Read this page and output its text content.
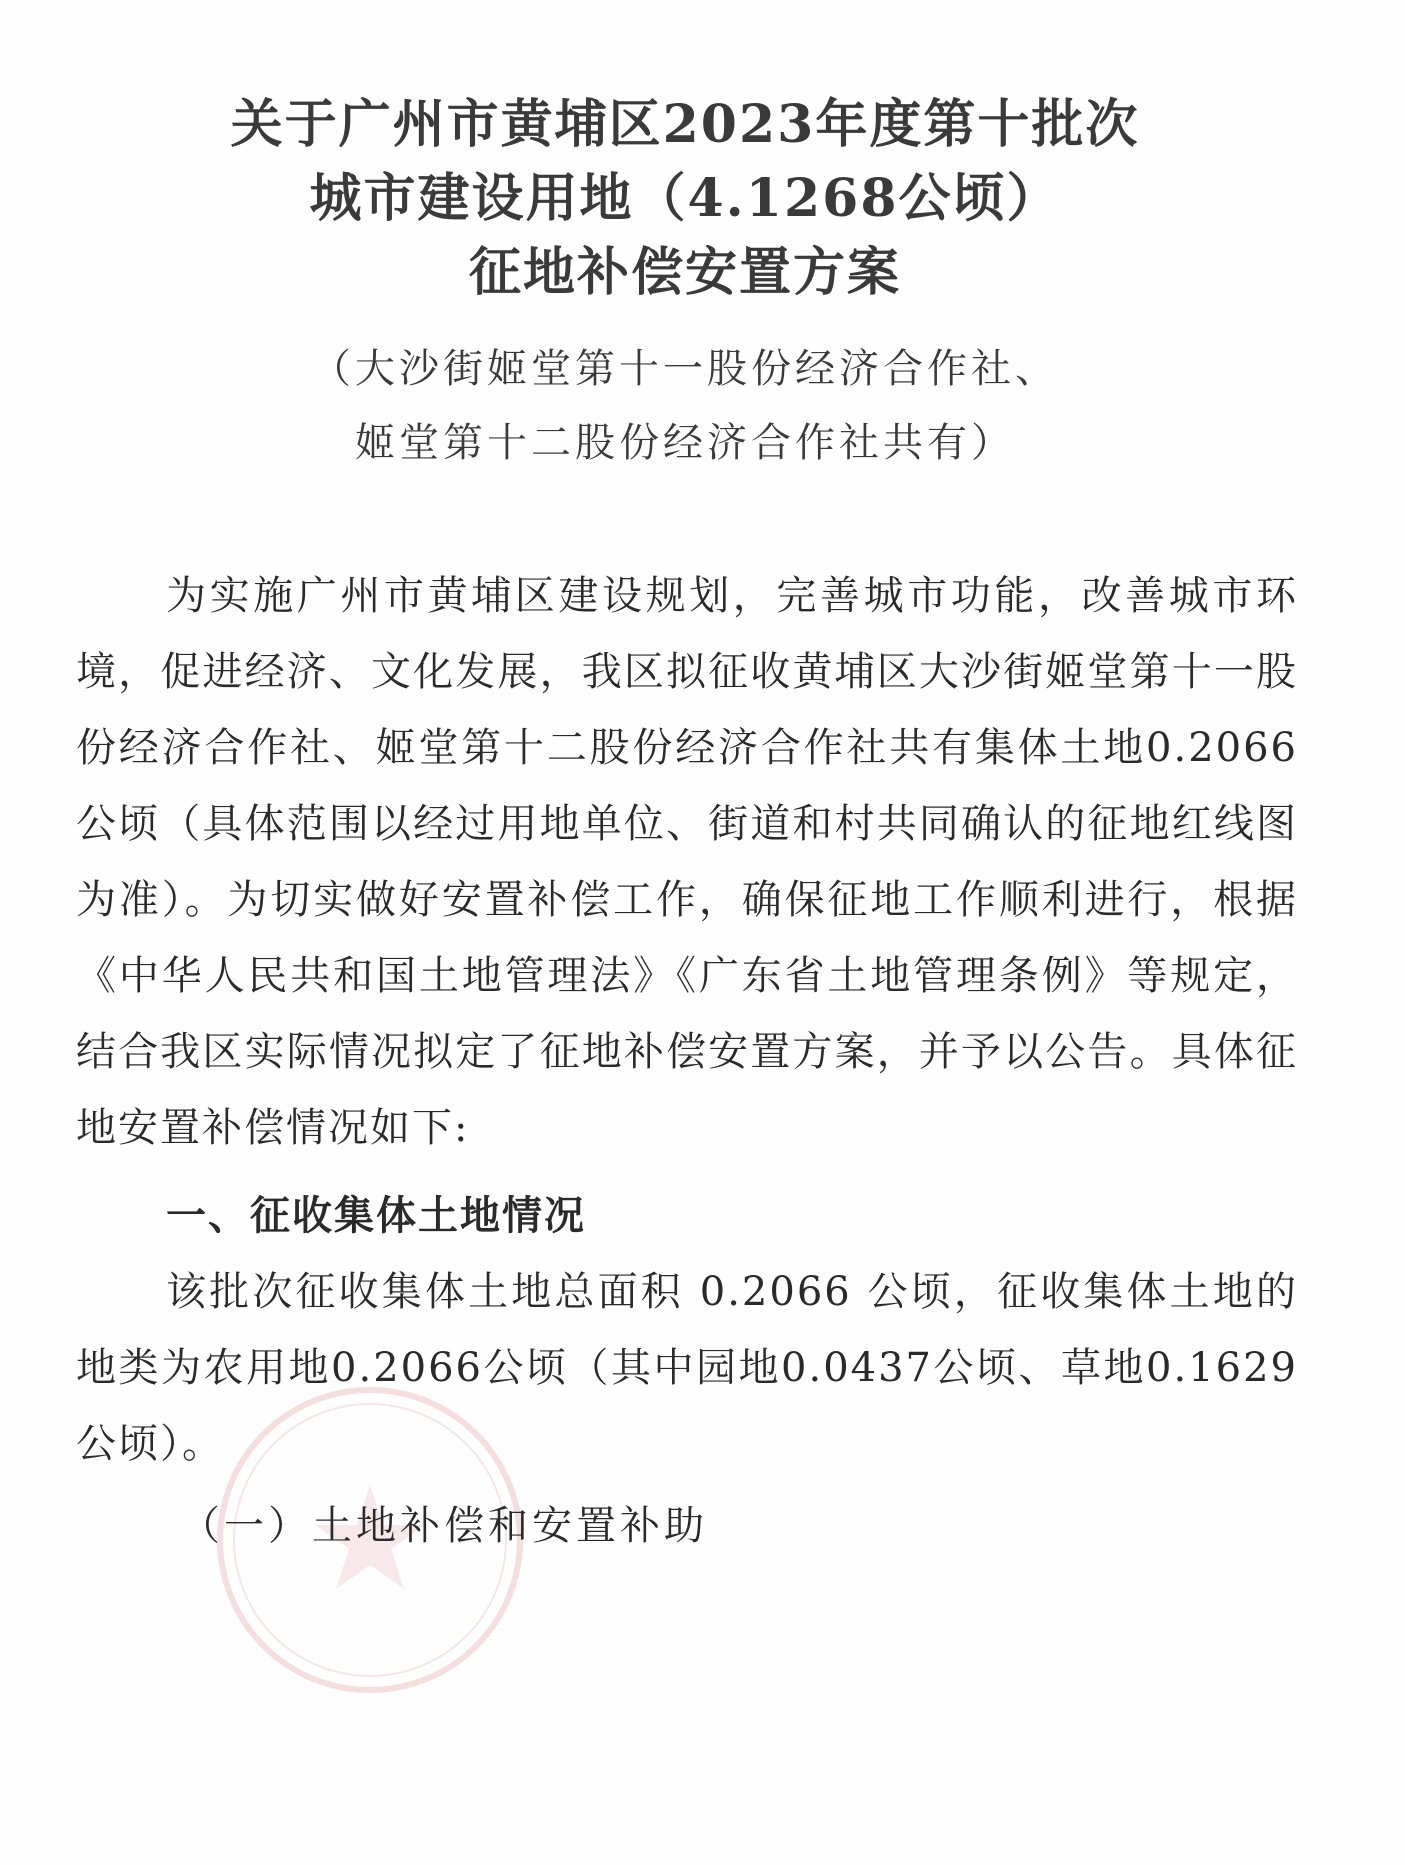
关于广州市黄埔区2023年度第十批次
城市建设用地（4.1268公顷）
征地补偿安置方案
（大沙街姬堂第十一股份经济合作社、
姬堂第十二股份经济合作社共有）

为实施广州市黄埔区建设规划，完善城市功能，改善城市环境，促进经济、文化发展，我区拟征收黄埔区大沙街姬堂第十一股份经济合作社、姬堂第十二股份经济合作社共有集体土地0.2066公顷（具体范围以经过用地单位、街道和村共同确认的征地红线图为准）。为切实做好安置补偿工作，确保征地工作顺利进行，根据《中华人民共和国土地管理法》《广东省土地管理条例》等规定，结合我区实际情况拟定了征地补偿安置方案，并予以公告。具体征地安置补偿情况如下:

一、征收集体土地情况

该批次征收集体土地总面积 0.2066 公顷，征收集体土地的地类为农用地0.2066公顷（其中园地0.0437公顷、草地0.1629公顷）。

（一）土地补偿和安置补助
